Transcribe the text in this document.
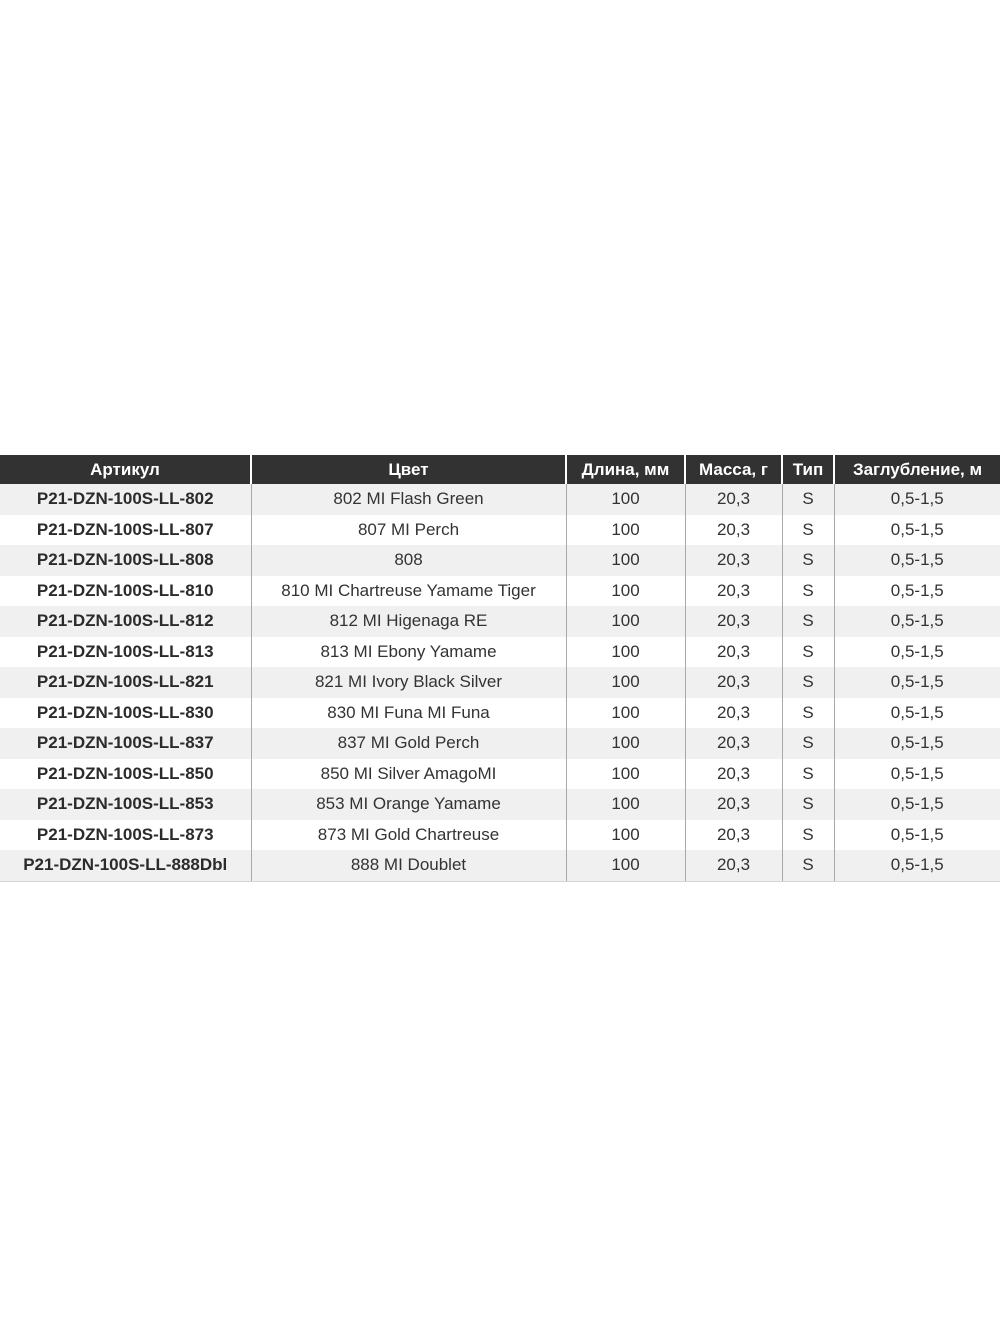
Артикул	Цвет	Длина, мм	Масса, г	Тип	Заглубление, м
P21-DZN-100S-LL-802	802 MI Flash Green	100	20,3	S	0,5-1,5
P21-DZN-100S-LL-807	807 MI Perch	100	20,3	S	0,5-1,5
P21-DZN-100S-LL-808	808	100	20,3	S	0,5-1,5
P21-DZN-100S-LL-810	810 MI Chartreuse Yamame Tiger	100	20,3	S	0,5-1,5
P21-DZN-100S-LL-812	812 MI Higenaga RE	100	20,3	S	0,5-1,5
P21-DZN-100S-LL-813	813 MI Ebony Yamame	100	20,3	S	0,5-1,5
P21-DZN-100S-LL-821	821 MI Ivory Black Silver	100	20,3	S	0,5-1,5
P21-DZN-100S-LL-830	830 MI Funa MI Funa	100	20,3	S	0,5-1,5
P21-DZN-100S-LL-837	837 MI Gold Perch	100	20,3	S	0,5-1,5
P21-DZN-100S-LL-850	850 MI Silver AmagoMI	100	20,3	S	0,5-1,5
P21-DZN-100S-LL-853	853 MI Orange Yamame	100	20,3	S	0,5-1,5
P21-DZN-100S-LL-873	873 MI Gold Chartreuse	100	20,3	S	0,5-1,5
P21-DZN-100S-LL-888Dbl	888 MI Doublet	100	20,3	S	0,5-1,5
